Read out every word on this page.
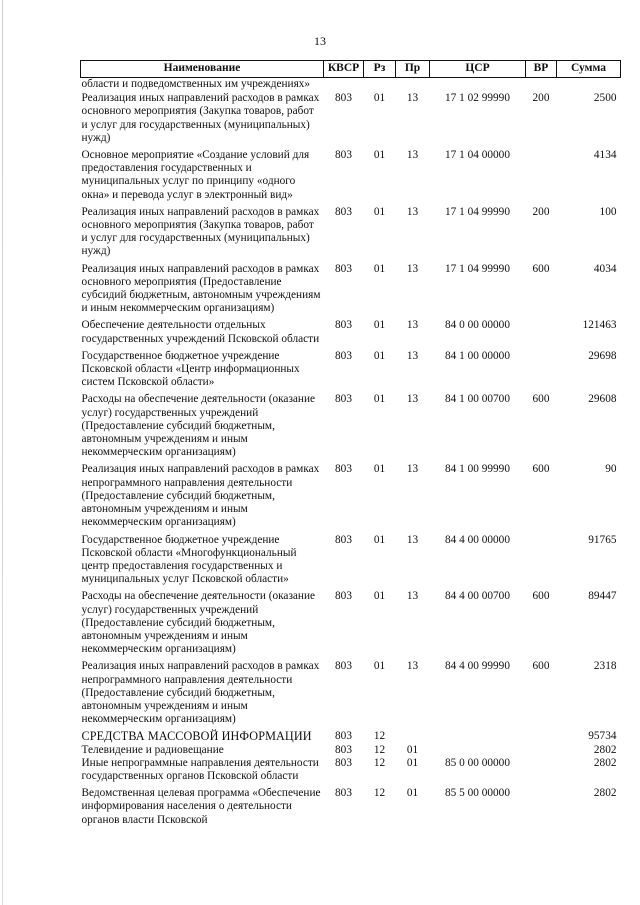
13
Наименование	КВСР	Рз	Пр	ЦСР	ВР	Сумма
области и подведомственных им учреждениях»						
Реализация иных направлений расходов в рамках основного мероприятия (Закупка товаров, работ и услуг для государственных (муниципальных) нужд)	803	01	13	17 1 02 99990	200	2500
Основное мероприятие «Создание условий для предоставления государственных и муниципальных услуг по принципу «одного окна» и перевода услуг в электронный вид»	803	01	13	17 1 04 00000		4134
Реализация иных направлений расходов в рамках основного мероприятия (Закупка товаров, работ и услуг для государственных (муниципальных) нужд)	803	01	13	17 1 04 99990	200	100
Реализация иных направлений расходов в рамках основного мероприятия (Предоставление субсидий бюджетным, автономным учреждениям и иным некоммерческим организациям)	803	01	13	17 1 04 99990	600	4034
Обеспечение деятельности отдельных государственных учреждений Псковской области	803	01	13	84 0 00 00000		121463
Государственное бюджетное учреждение Псковской области «Центр информационных систем Псковской области»	803	01	13	84 1 00 00000		29698
Расходы на обеспечение деятельности (оказание услуг) государственных учреждений (Предоставление субсидий бюджетным, автономным учреждениям и иным некоммерческим организациям)	803	01	13	84 1 00 00700	600	29608
Реализация иных направлений расходов в рамках непрограммного направления деятельности (Предоставление субсидий бюджетным, автономным учреждениям и иным некоммерческим организациям)	803	01	13	84 1 00 99990	600	90
Государственное бюджетное учреждение Псковской области «Многофункциональный центр предоставления государственных и муниципальных услуг Псковской области»	803	01	13	84 4 00 00000		91765
Расходы на обеспечение деятельности (оказание услуг) государственных учреждений (Предоставление субсидий бюджетным, автономным учреждениям и иным некоммерческим организациям)	803	01	13	84 4 00 00700	600	89447
Реализация иных направлений расходов в рамках непрограммного направления деятельности (Предоставление субсидий бюджетным, автономным учреждениям и иным некоммерческим организациям)	803	01	13	84 4 00 99990	600	2318
СРЕДСТВА МАССОВОЙ ИНФОРМАЦИИ	803	12				95734
Телевидение и радиовещание	803	12	01			2802
Иные непрограммные направления деятельности государственных органов Псковской области	803	12	01	85 0 00 00000		2802
Ведомственная целевая программа «Обеспечение информирования населения о деятельности органов власти Псковской	803	12	01	85 5 00 00000		2802
